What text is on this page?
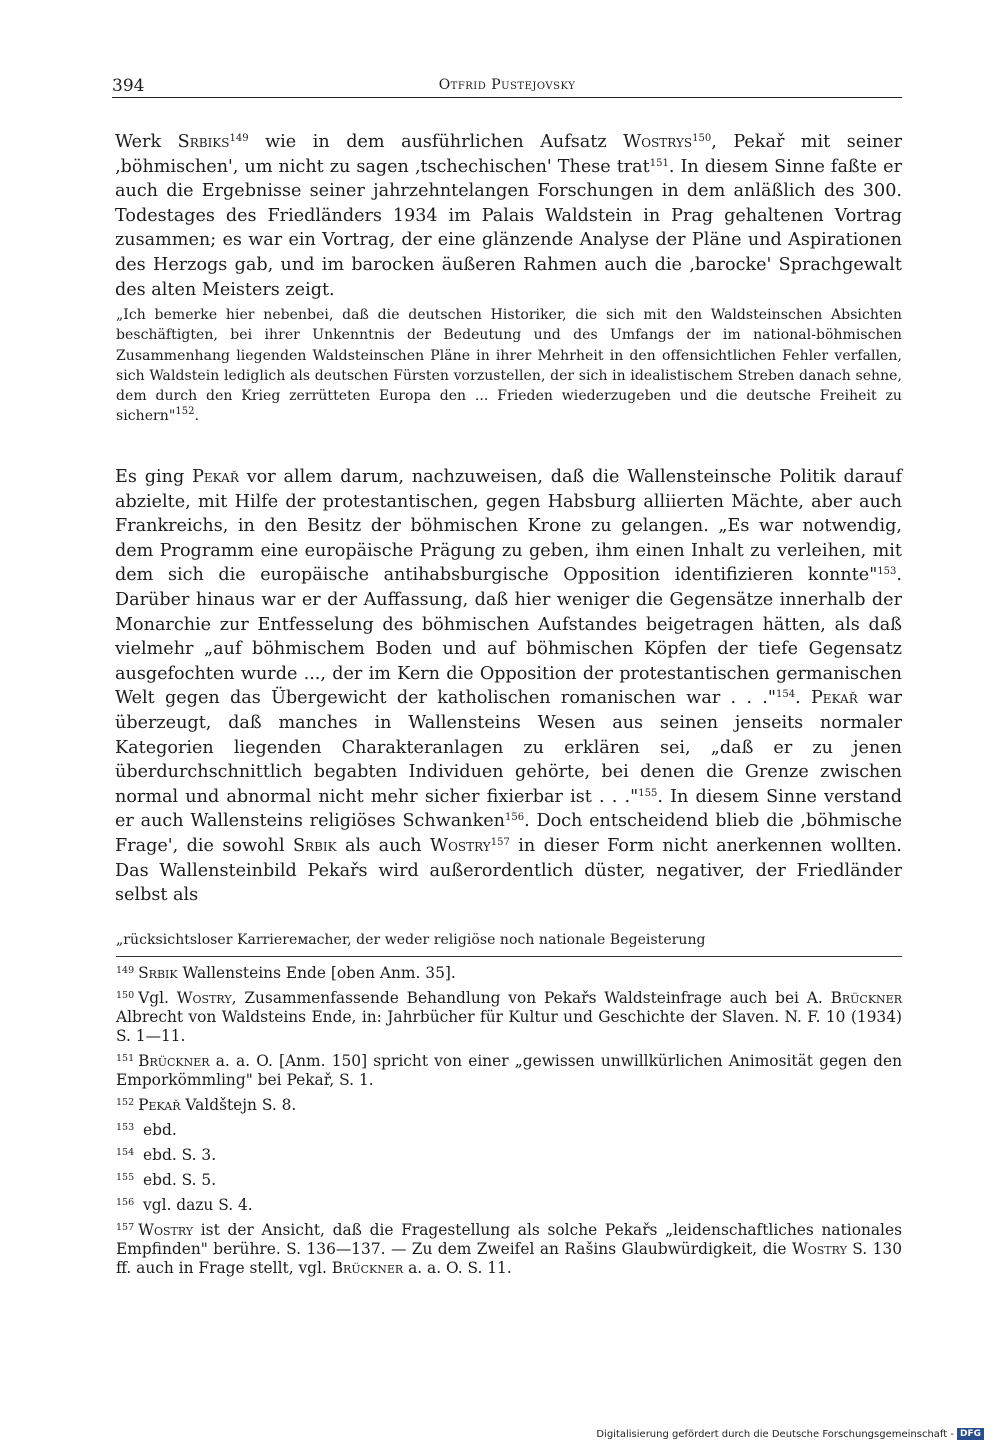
394	Otfrid Pustejovsky

Werk Srbiks$^{149}$ wie in dem ausführlichen Aufsatz Wostrys$^{150}$, Pekař mit seiner ‚böhmischen', um nicht zu sagen ‚tschechischen' These trat$^{151}$. In diesem Sinne faßte er auch die Ergebnisse seiner jahrzehntelangen Forschungen in dem anläßlich des 300. Todestages des Friedländers 1934 im Palais Waldstein in Prag gehaltenen Vortrag zusammen; es war ein Vortrag, der eine glänzende Analyse der Pläne und Aspirationen des Herzogs gab, und im barocken äußeren Rahmen auch die ‚barocke' Sprachgewalt des alten Meisters zeigt.

„Ich bemerke hier nebenbei, daß die deutschen Historiker, die sich mit den Waldsteinschen Absichten beschäftigten, bei ihrer Unkenntnis der Bedeutung und des Umfangs der im national-böhmischen Zusammenhang liegenden Waldsteinschen Pläne in ihrer Mehrheit in den offensichtlichen Fehler verfallen, sich Waldstein lediglich als deutschen Fürsten vorzustellen, der sich in idealistischem Streben danach sehne, dem durch den Krieg zerrütteten Europa den ... Frieden wiederzugeben und die deutsche Freiheit zu sichern"$^{152}$.

Es ging Pekař vor allem darum, nachzuweisen, daß die Wallensteinsche Politik darauf abzielte, mit Hilfe der protestantischen, gegen Habsburg alliierten Mächte, aber auch Frankreichs, in den Besitz der böhmischen Krone zu gelangen. „Es war notwendig, dem Programm eine europäische Prägung zu geben, ihm einen Inhalt zu verleihen, mit dem sich die europäische antihabsburgische Opposition identifizieren konnte"$^{153}$. Darüber hinaus war er der Auffassung, daß hier weniger die Gegensätze innerhalb der Monarchie zur Entfesselung des böhmischen Aufstandes beigetragen hätten, als daß vielmehr „auf böhmischem Boden und auf böhmischen Köpfen der tiefe Gegensatz ausgefochten wurde ..., der im Kern die Opposition der protestantischen germanischen Welt gegen das Übergewicht der katholischen romanischen war . . ."$^{154}$. Pekař war überzeugt, daß manches in Wallensteins Wesen aus seinen jenseits normaler Kategorien liegenden Charakteranlagen zu erklären sei, „daß er zu jenen überdurchschnittlich begabten Individuen gehörte, bei denen die Grenze zwischen normal und abnormal nicht mehr sicher fixierbar ist . . ."$^{155}$. In diesem Sinne verstand er auch Wallensteins religiöses Schwanken$^{156}$. Doch entscheidend blieb die ‚böhmische Frage', die sowohl Srbik als auch Wostry$^{157}$ in dieser Form nicht anerkennen wollten. Das Wallensteinbild Pekařs wird außerordentlich düster, negativer, der Friedländer selbst als

„rücksichtsloser Karriereмacher, der weder religiöse noch nationale Begeisterung

$^{149}$ Srbik Wallensteins Ende [oben Anm. 35].

$^{150}$ Vgl. Wostry, Zusammenfassende Behandlung von Pekařs Waldsteinfrage auch bei A. Brückner Albrecht von Waldsteins Ende, in: Jahrbücher für Kultur und Geschichte der Slaven. N. F. 10 (1934) S. 1—11.

$^{151}$ Brückner a. a. O. [Anm. 150] spricht von einer „gewissen unwillkürlichen Animosität gegen den Emporkömmling" bei Pekař, S. 1.

$^{152}$ Pekař Valdštejn S. 8.

$^{153}$ ebd.

$^{154}$ ebd. S. 3.

$^{155}$ ebd. S. 5.

$^{156}$ vgl. dazu S. 4.

$^{157}$ Wostry ist der Ansicht, daß die Fragestellung als solche Pekařs „leidenschaftliches nationales Empfinden" berühre. S. 136—137. — Zu dem Zweifel an Rašins Glaubwürdigkeit, die Wostry S. 130 ff. auch in Frage stellt, vgl. Brückner a. a. O. S. 11.

Digitalisierung gefördert durch die Deutsche Forschungsgemeinschaft - DFG
